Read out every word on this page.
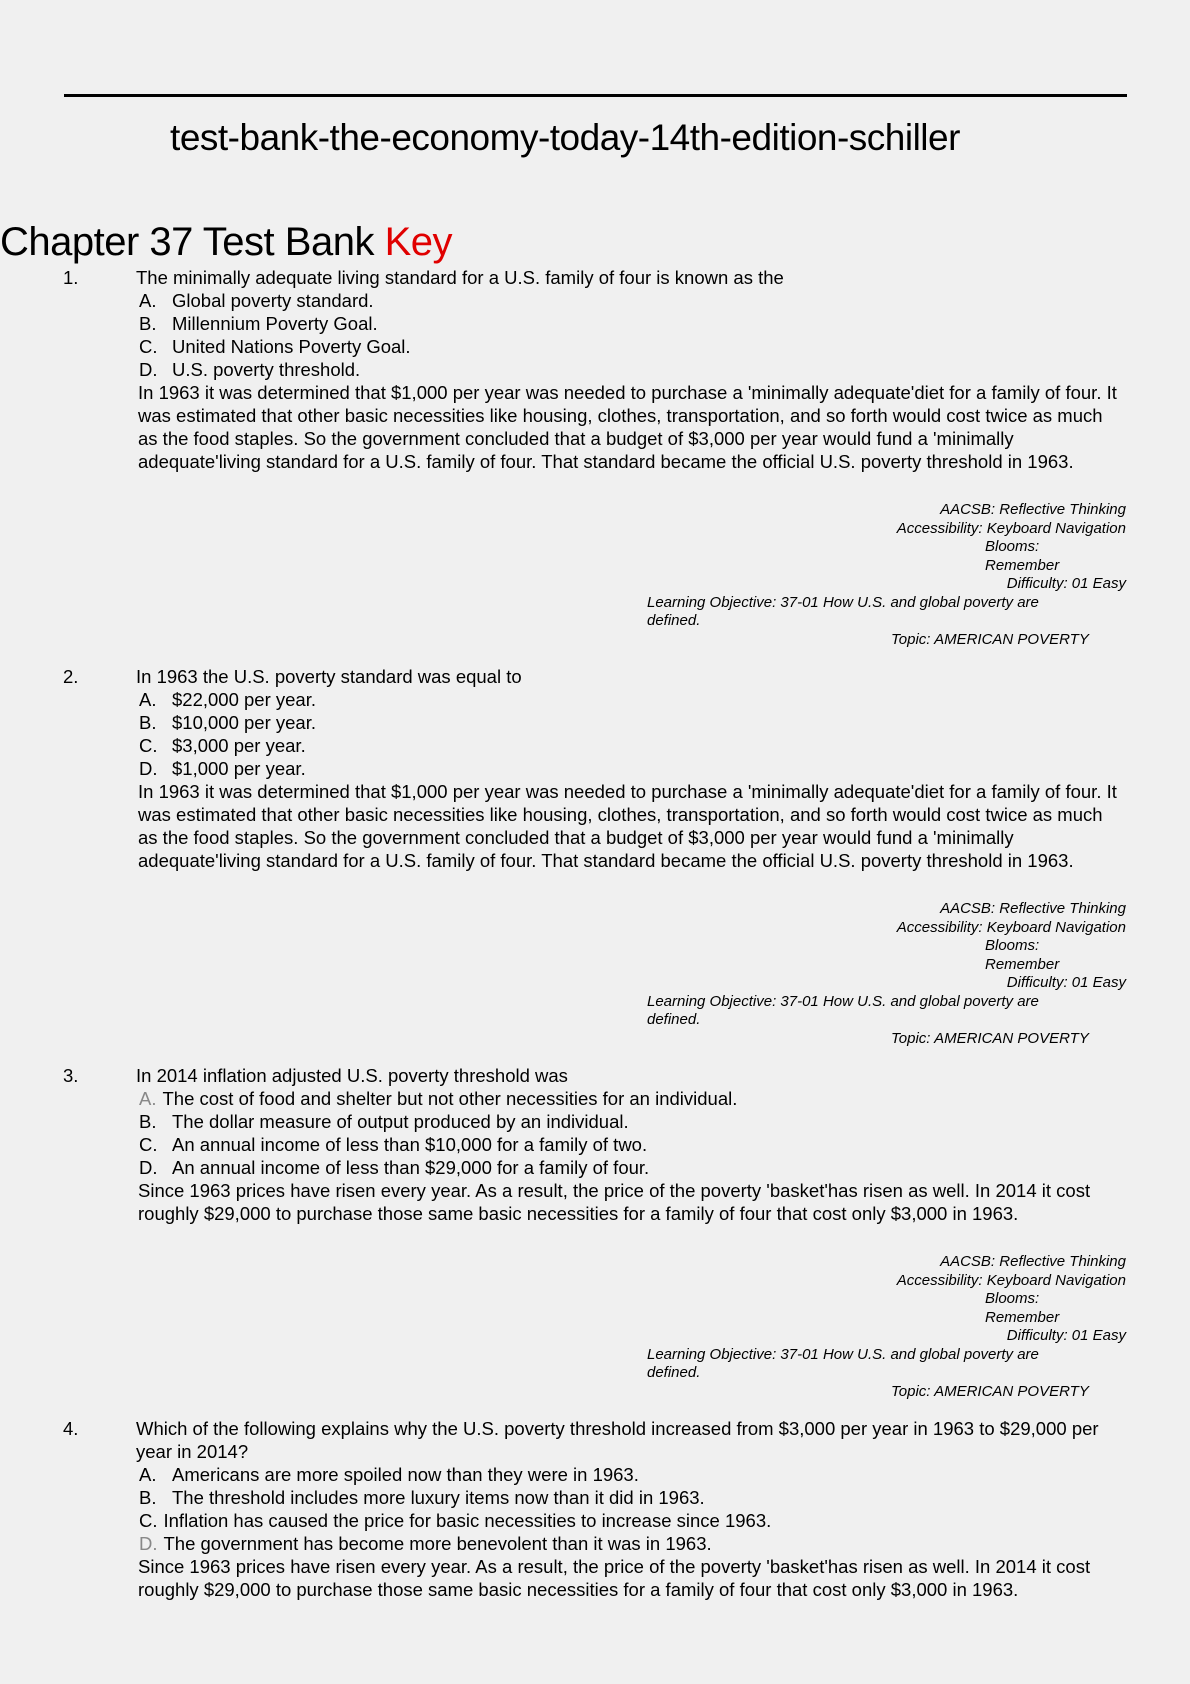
test-bank-the-economy-today-14th-edition-schiller
Chapter 37 Test Bank Key
1.	The minimally adequate living standard for a U.S. family of four is known as the
A. Global poverty standard.
B. Millennium Poverty Goal.
C. United Nations Poverty Goal.
D. U.S. poverty threshold.
In 1963 it was determined that $1,000 per year was needed to purchase a 'minimally adequate'diet for a family of four. It was estimated that other basic necessities like housing, clothes, transportation, and so forth would cost twice as much as the food staples. So the government concluded that a budget of $3,000 per year would fund a 'minimally adequate'living standard for a U.S. family of four. That standard became the official U.S. poverty threshold in 1963.
AACSB: Reflective Thinking
Accessibility: Keyboard Navigation
Blooms:
Remember
Difficulty: 01 Easy
Learning Objective: 37-01 How U.S. and global poverty are
defined.
Topic: AMERICAN POVERTY
2.	In 1963 the U.S. poverty standard was equal to
A. $22,000 per year.
B. $10,000 per year.
C. $3,000 per year.
D. $1,000 per year.
In 1963 it was determined that $1,000 per year was needed to purchase a 'minimally adequate'diet for a family of four. It was estimated that other basic necessities like housing, clothes, transportation, and so forth would cost twice as much as the food staples. So the government concluded that a budget of $3,000 per year would fund a 'minimally adequate'living standard for a U.S. family of four. That standard became the official U.S. poverty threshold in 1963.
AACSB: Reflective Thinking
Accessibility: Keyboard Navigation
Blooms:
Remember
Difficulty: 01 Easy
Learning Objective: 37-01 How U.S. and global poverty are
defined.
Topic: AMERICAN POVERTY
3.	In 2014 inflation adjusted U.S. poverty threshold was
A. The cost of food and shelter but not other necessities for an individual.
B. The dollar measure of output produced by an individual.
C. An annual income of less than $10,000 for a family of two.
D. An annual income of less than $29,000 for a family of four.
Since 1963 prices have risen every year. As a result, the price of the poverty 'basket'has risen as well. In 2014 it cost roughly $29,000 to purchase those same basic necessities for a family of four that cost only $3,000 in 1963.
AACSB: Reflective Thinking
Accessibility: Keyboard Navigation
Blooms:
Remember
Difficulty: 01 Easy
Learning Objective: 37-01 How U.S. and global poverty are
defined.
Topic: AMERICAN POVERTY
4.	Which of the following explains why the U.S. poverty threshold increased from $3,000 per year in 1963 to $29,000 per year in 2014?
A. Americans are more spoiled now than they were in 1963.
B. The threshold includes more luxury items now than it did in 1963.
C. Inflation has caused the price for basic necessities to increase since 1963.
D. The government has become more benevolent than it was in 1963.
Since 1963 prices have risen every year. As a result, the price of the poverty 'basket'has risen as well. In 2014 it cost roughly $29,000 to purchase those same basic necessities for a family of four that cost only $3,000 in 1963.
